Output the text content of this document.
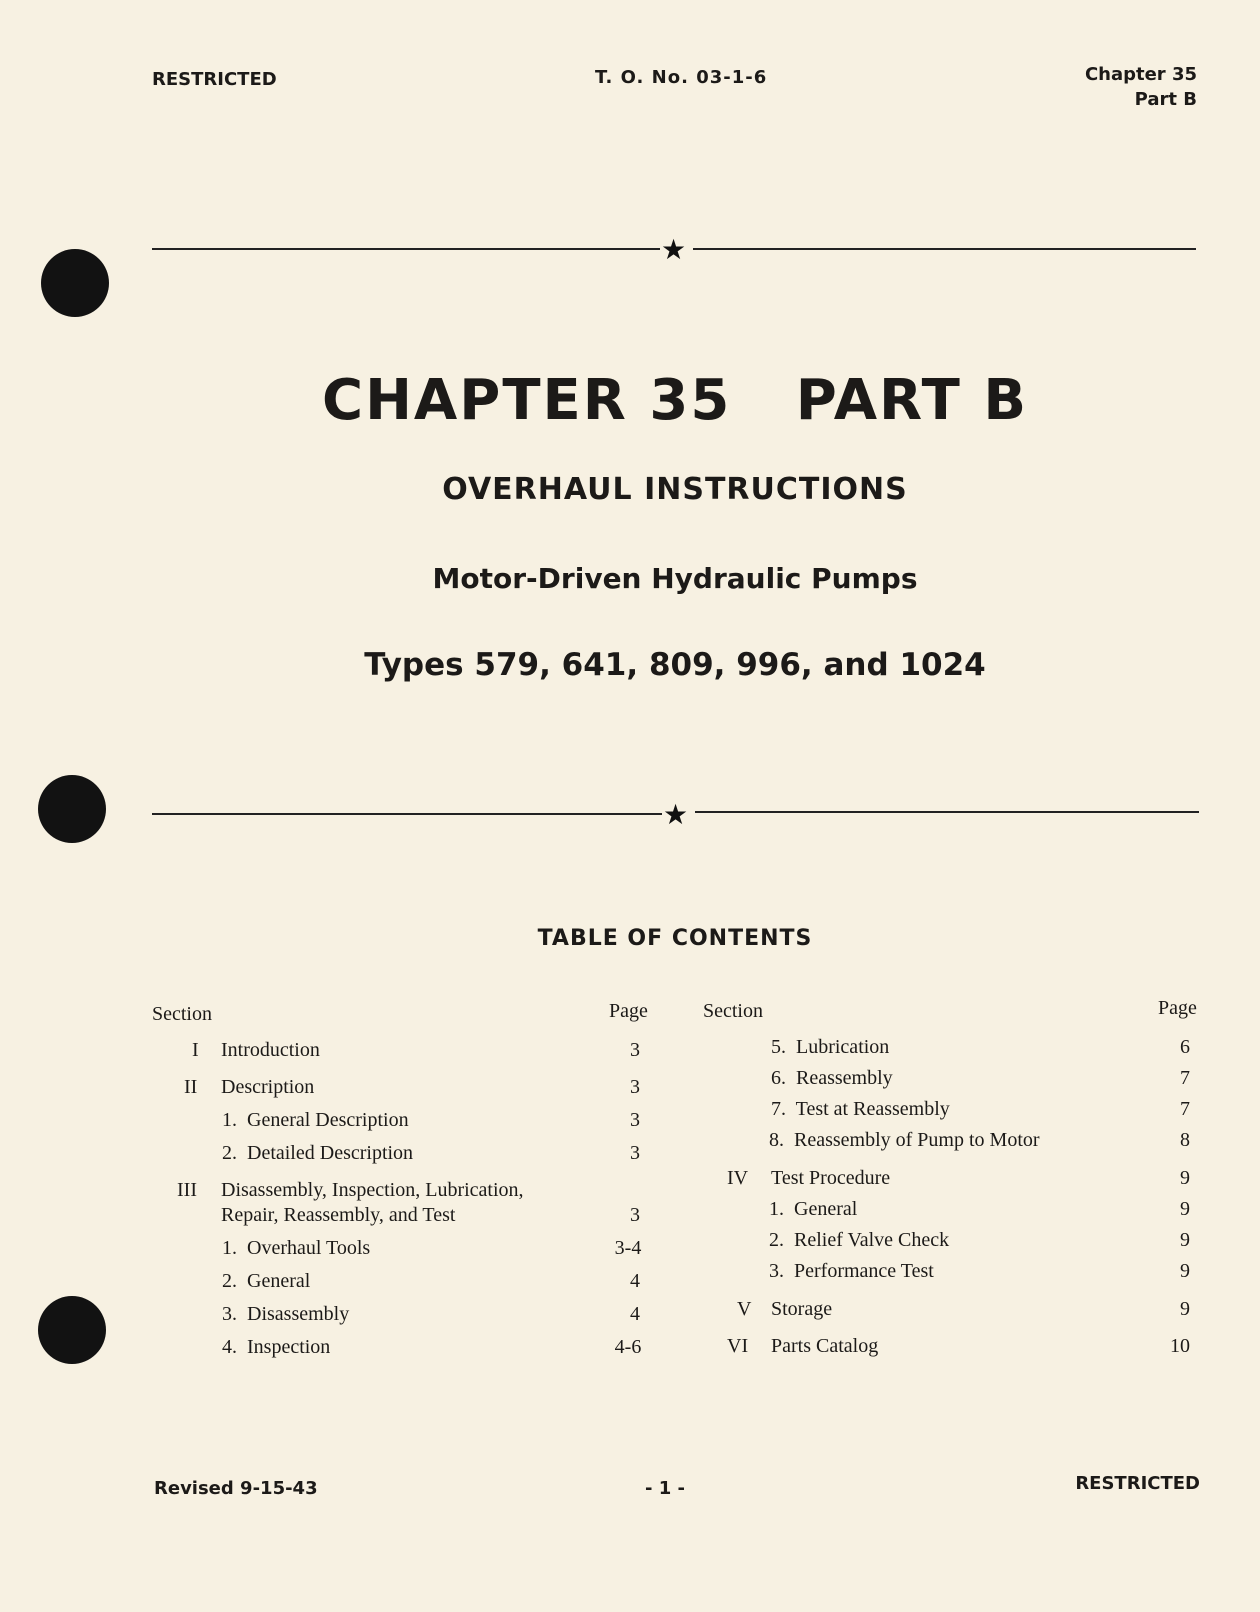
RESTRICTED	T. O. No. 03-1-6	Chapter 35
Part B
★
CHAPTER 35   PART B
OVERHAUL INSTRUCTIONS
Motor-Driven Hydraulic Pumps
Types 579, 641, 809, 996, and 1024
★
TABLE OF CONTENTS
Section	Page	Section	Page
I Introduction	3
II Description	3
1.  General Description	3
2.  Detailed Description	3
III Disassembly, Inspection, Lubrication,
Repair, Reassembly, and Test	3
1.  Overhaul Tools	3-4
2.  General	4
3.  Disassembly	4
4.  Inspection	4-6
5.  Lubrication	6
6.  Reassembly	7
7.  Test at Reassembly	7
8.  Reassembly of Pump to Motor	8
IV Test Procedure	9
1.  General	9
2.  Relief Valve Check	9
3.  Performance Test	9
V Storage	9
VI Parts Catalog	10
Revised 9-15-43	- 1 -	RESTRICTED
